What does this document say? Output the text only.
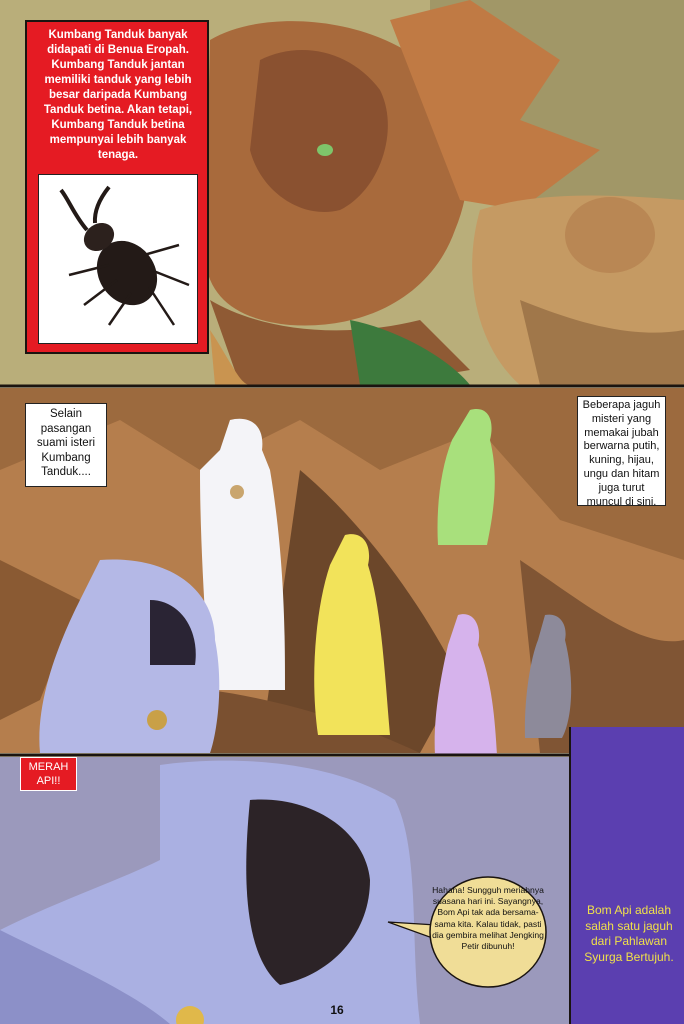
Kumbang Tanduk banyak didapati di Benua Eropah. Kumbang Tanduk jantan memiliki tanduk yang lebih besar daripada Kumbang Tanduk betina. Akan tetapi, Kumbang Tanduk betina mempunyai lebih banyak tenaga.
Selain pasangan suami isteri Kumbang Tanduk....
Beberapa jaguh misteri yang memakai jubah berwarna putih, kuning, hijau, ungu dan hitam juga turut muncul di sini.
MERAH API!!
Hahaha! Sungguh meriahnya suasana hari ini. Sayangnya, Bom Api tak ada bersama-sama kita. Kalau tidak, pasti dia gembira melihat Jengking Petir dibunuh!
Bom Api adalah salah satu jaguh dari Pahlawan Syurga Bertujuh.
16
